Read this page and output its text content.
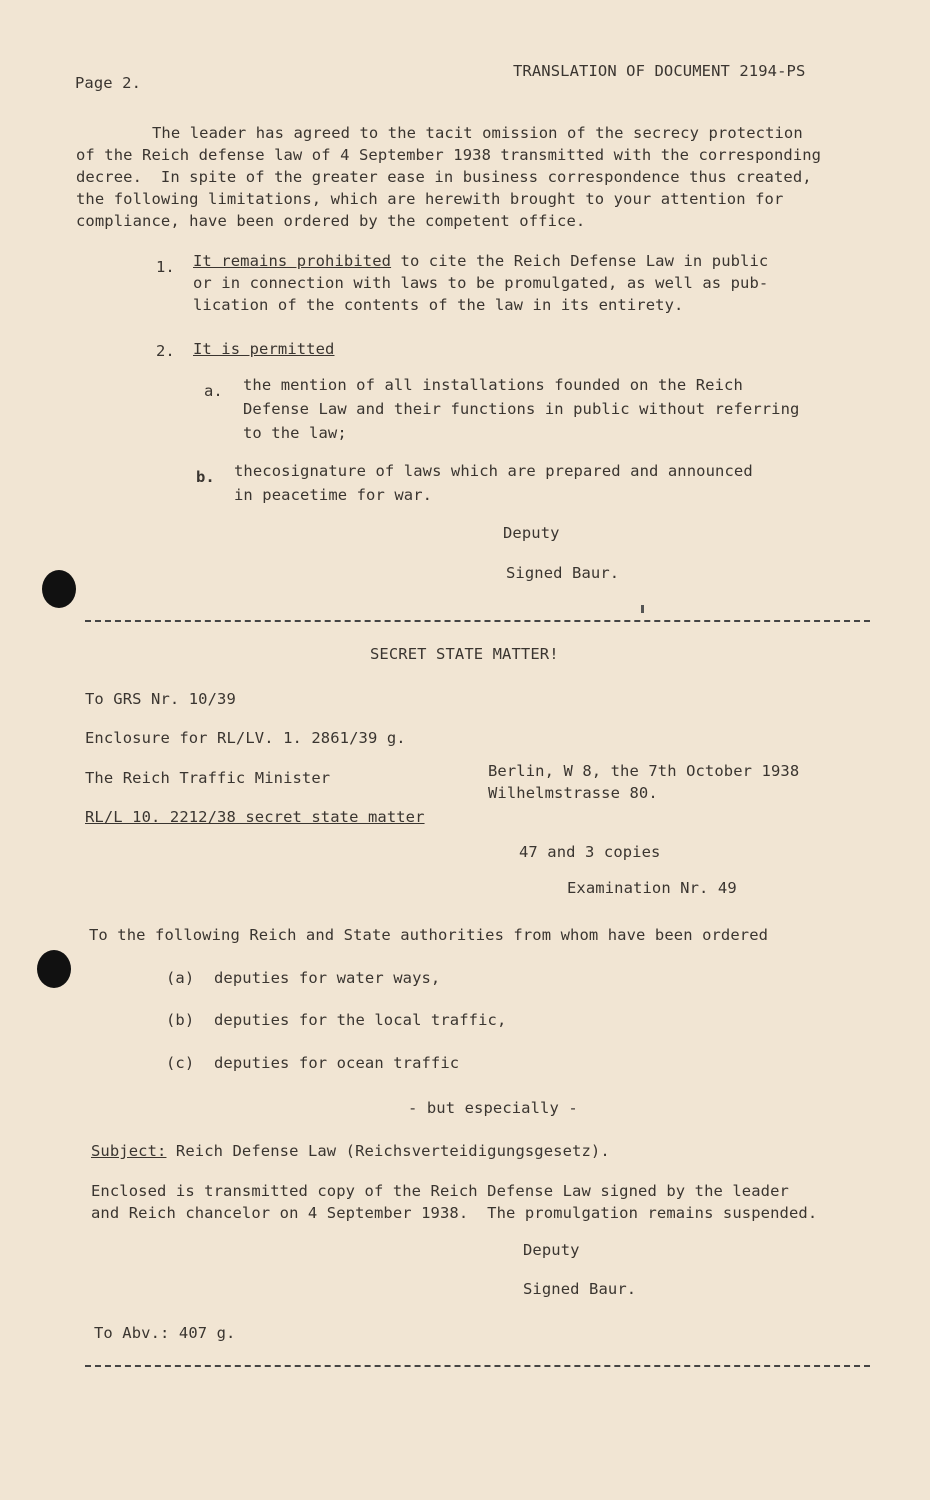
Page 2.
TRANSLATION OF DOCUMENT 2194-PS
The leader has agreed to the tacit omission of the secrecy protection
of the Reich defense law of 4 September 1938 transmitted with the corresponding
decree.  In spite of the greater ease in business correspondence thus created,
the following limitations, which are herewith brought to your attention for
compliance, have been ordered by the competent office.
1. It remains prohibited to cite the Reich Defense Law in public
or in connection with laws to be promulgated, as well as pub-
lication of the contents of the law in its entirety.
2. It is permitted
a. the mention of all installations founded on the Reich
Defense Law and their functions in public without referring
to the law;
b. thecosignature of laws which are prepared and announced
in peacetime for war.
Deputy
Signed Baur.
SECRET STATE MATTER!
To GRS Nr. 10/39
Enclosure for RL/LV. 1. 2861/39 g.
The Reich Traffic Minister	Berlin, W 8, the 7th October 1938
Wilhelmstrasse 80.
RL/L 10. 2212/38 secret state matter
47 and 3 copies
Examination Nr. 49
To the following Reich and State authorities from whom have been ordered
(a) deputies for water ways,
(b) deputies for the local traffic,
(c) deputies for ocean traffic
- but especially -
Subject: Reich Defense Law (Reichsverteidigungsgesetz).
Enclosed is transmitted copy of the Reich Defense Law signed by the leader
and Reich chancelor on 4 September 1938.  The promulgation remains suspended.
Deputy
Signed Baur.
To Abv.: 407 g.
